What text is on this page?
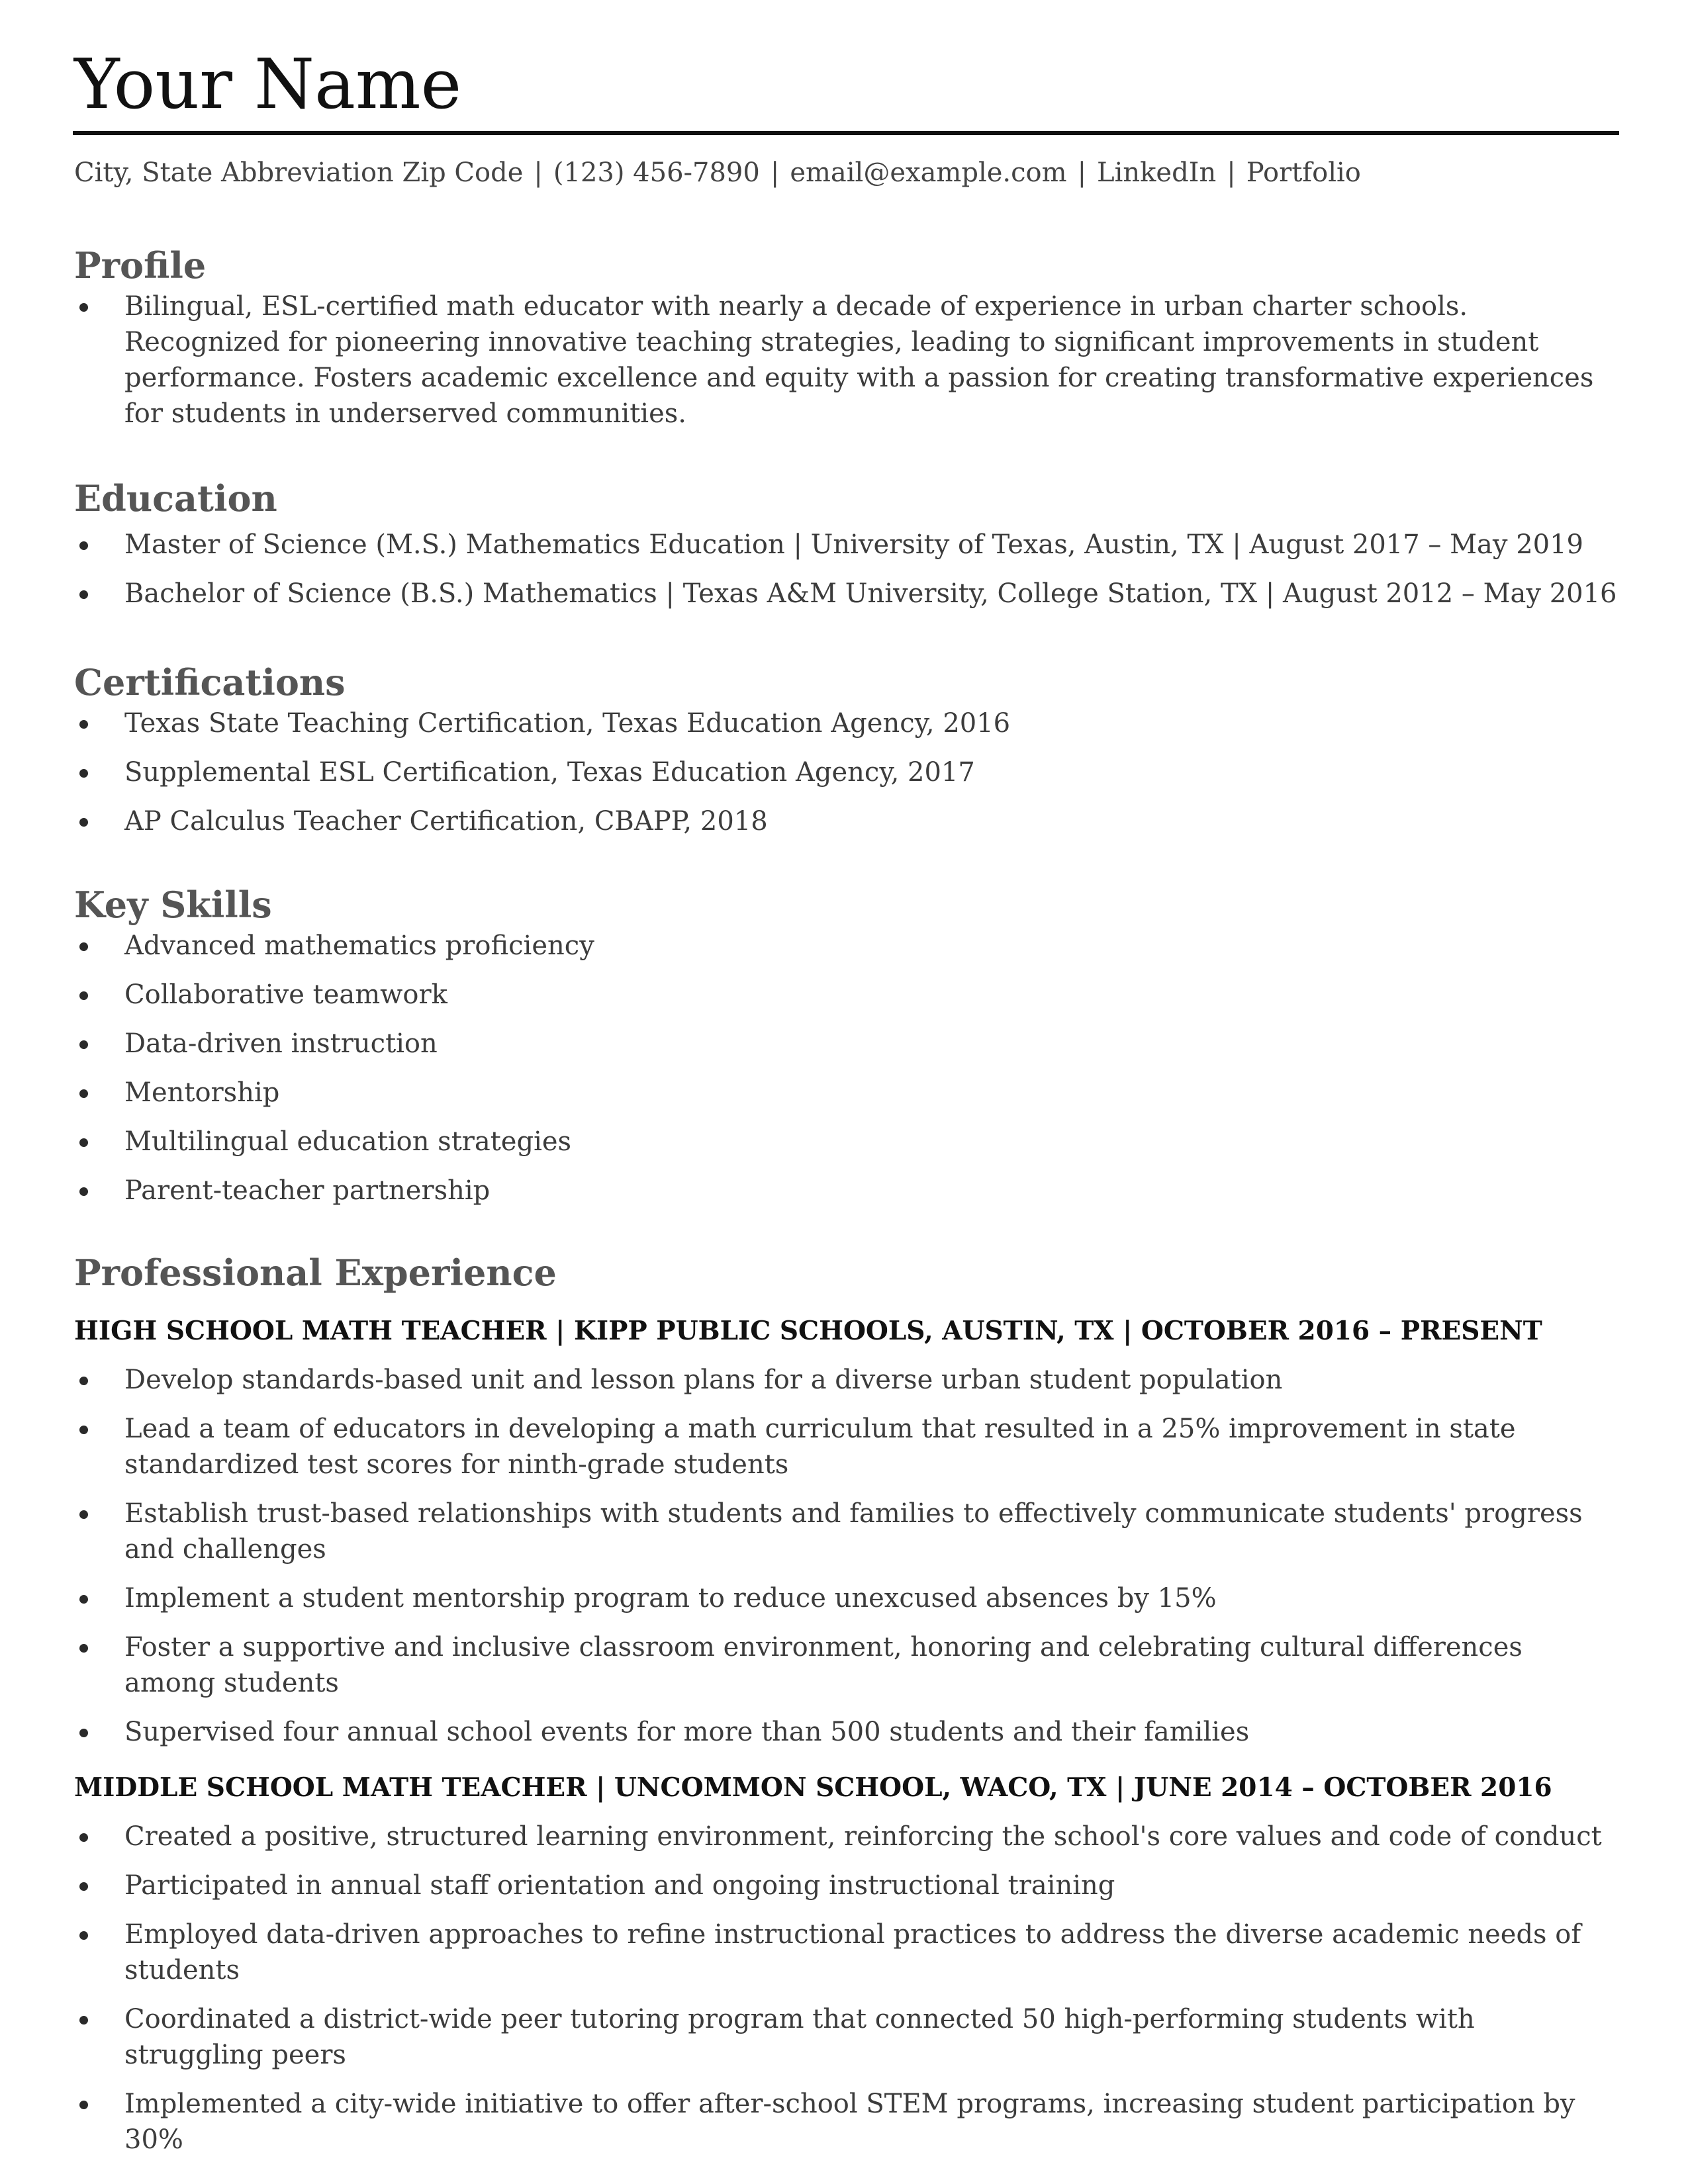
Your Name
City, State Abbreviation Zip Code | (123) 456-7890 | email@example.com | LinkedIn | Portfolio
Profile
Bilingual, ESL-certified math educator with nearly a decade of experience in urban charter schools. Recognized for pioneering innovative teaching strategies, leading to significant improvements in student performance. Fosters academic excellence and equity with a passion for creating transformative experiences for students in underserved communities.
Education
Master of Science (M.S.) Mathematics Education | University of Texas, Austin, TX | August 2017 – May 2019
Bachelor of Science (B.S.) Mathematics | Texas A&M University, College Station, TX | August 2012 – May 2016
Certifications
Texas State Teaching Certification, Texas Education Agency, 2016
Supplemental ESL Certification, Texas Education Agency, 2017
AP Calculus Teacher Certification, CBAPP, 2018
Key Skills
Advanced mathematics proficiency
Collaborative teamwork
Data-driven instruction
Mentorship
Multilingual education strategies
Parent-teacher partnership
Professional Experience
HIGH SCHOOL MATH TEACHER | KIPP PUBLIC SCHOOLS, AUSTIN, TX | OCTOBER 2016 – PRESENT
Develop standards-based unit and lesson plans for a diverse urban student population
Lead a team of educators in developing a math curriculum that resulted in a 25% improvement in state standardized test scores for ninth-grade students
Establish trust-based relationships with students and families to effectively communicate students' progress and challenges
Implement a student mentorship program to reduce unexcused absences by 15%
Foster a supportive and inclusive classroom environment, honoring and celebrating cultural differences among students
Supervised four annual school events for more than 500 students and their families
MIDDLE SCHOOL MATH TEACHER | UNCOMMON SCHOOL, WACO, TX | JUNE 2014 – OCTOBER 2016
Created a positive, structured learning environment, reinforcing the school's core values and code of conduct
Participated in annual staff orientation and ongoing instructional training
Employed data-driven approaches to refine instructional practices to address the diverse academic needs of students
Coordinated a district-wide peer tutoring program that connected 50 high-performing students with struggling peers
Implemented a city-wide initiative to offer after-school STEM programs, increasing student participation by 30%
